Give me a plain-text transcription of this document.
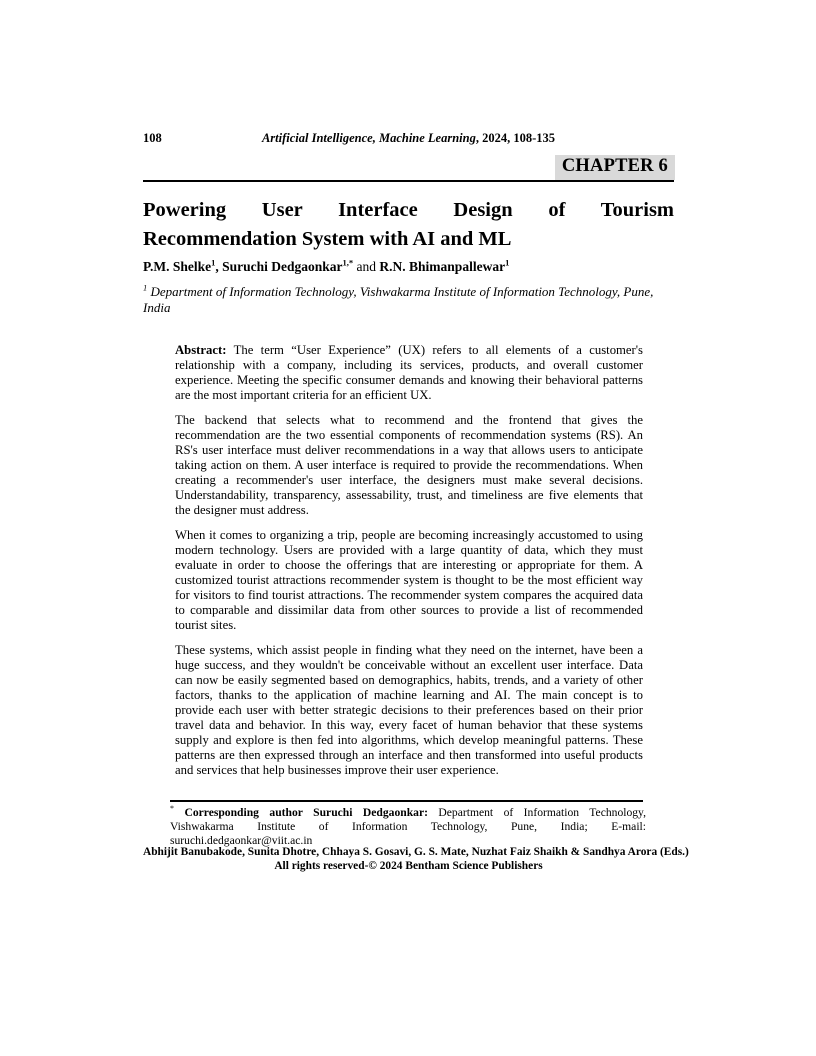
108	Artificial Intelligence, Machine Learning, 2024, 108-135
CHAPTER 6
Powering User Interface Design of Tourism
Recommendation System with AI and ML

P.M. Shelke$^1$, Suruchi Dedgaonkar$^{1,*}$ and R.N. Bhimanpallewar$^1$

$^1$ Department of Information Technology, Vishwakarma Institute of Information Technology, Pune, India

Abstract: The term “User Experience” (UX) refers to all elements of a customer's relationship with a company, including its services, products, and overall customer experience. Meeting the specific consumer demands and knowing their behavioral patterns are the most important criteria for an efficient UX.

The backend that selects what to recommend and the frontend that gives the recommendation are the two essential components of recommendation systems (RS). An RS's user interface must deliver recommendations in a way that allows users to anticipate taking action on them. A user interface is required to provide the recommendations. When creating a recommender's user interface, the designers must make several decisions. Understandability, transparency, assessability, trust, and timeliness are five elements that the designer must address.

When it comes to organizing a trip, people are becoming increasingly accustomed to using modern technology. Users are provided with a large quantity of data, which they must evaluate in order to choose the offerings that are interesting or appropriate for them. A customized tourist attractions recommender system is thought to be the most efficient way for visitors to find tourist attractions. The recommender system compares the acquired data to comparable and dissimilar data from other sources to provide a list of recommended tourist sites.

These systems, which assist people in finding what they need on the internet, have been a huge success, and they wouldn't be conceivable without an excellent user interface. Data can now be easily segmented based on demographics, habits, trends, and a variety of other factors, thanks to the application of machine learning and AI. The main concept is to provide each user with better strategic decisions to their preferences based on their prior travel data and behavior. In this way, every facet of human behavior that these systems supply and explore is then fed into algorithms, which develop meaningful patterns. These patterns are then expressed through an interface and then transformed into useful products and services that help businesses improve their user experience.

* Corresponding author Suruchi Dedgaonkar: Department of Information Technology, Vishwakarma Institute of Information Technology, Pune, India; E-mail: suruchi.dedgaonkar@viit.ac.in

Abhijit Banubakode, Sunita Dhotre, Chhaya S. Gosavi, G. S. Mate, Nuzhat Faiz Shaikh & Sandhya Arora (Eds.)
All rights reserved-© 2024 Bentham Science Publishers
